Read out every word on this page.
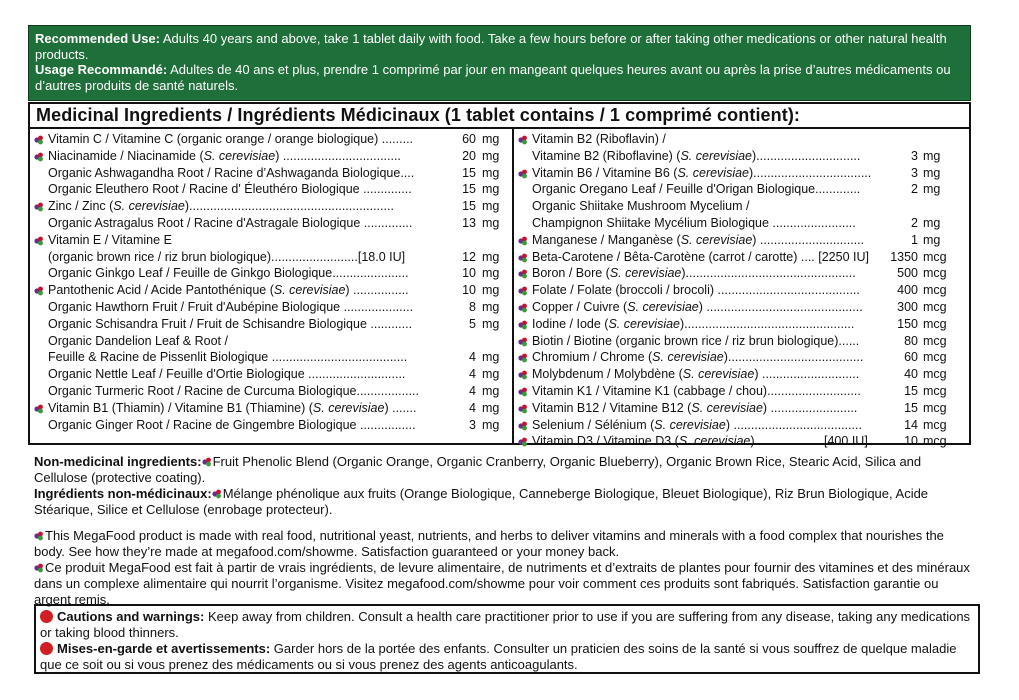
Recommended Use: Adults 40 years and above, take 1 tablet daily with food. Take a few hours before or after taking other medications or other natural health products.
Usage Recommandé: Adultes de 40 ans et plus, prendre 1 comprimé par jour en mangeant quelques heures avant ou après la prise d’autres médicaments ou d’autres produits de santé naturels.
Medicinal Ingredients / Ingrédients Médicinaux (1 tablet contains / 1 comprimé contient):
Vitamin C / Vitamine C (organic orange / orange biologique) .........	60 mg
Niacinamide / Niacinamide (S. cerevisiae) ..................................	20 mg
Organic Ashwagandha Root / Racine d’Ashwaganda Biologique....	15 mg
Organic Eleuthero Root / Racine d' Éleuthéro Biologique ..............	15 mg
Zinc / Zinc (S. cerevisiae)...........................................................	15 mg
Organic Astragalus Root / Racine d'Astragale Biologique ..............	13 mg
Vitamin E / Vitamine E
(organic brown rice / riz brun biologique).........................[18.0 IU]	12 mg
Organic Ginkgo Leaf / Feuille de Ginkgo Biologique......................	10 mg
Pantothenic Acid / Acide Pantothénique (S. cerevisiae) ................	10 mg
Organic Hawthorn Fruit / Fruit d'Aubépine Biologique ....................	8 mg
Organic Schisandra Fruit / Fruit de Schisandre Biologique ............	5 mg
Organic Dandelion Leaf & Root /
Feuille & Racine de Pissenlit Biologique .......................................	4 mg
Organic Nettle Leaf / Feuille d'Ortie Biologique ............................	4 mg
Organic Turmeric Root / Racine de Curcuma Biologique..................	4 mg
Vitamin B1 (Thiamin) / Vitamine B1 (Thiamine) (S. cerevisiae) .......	4 mg
Organic Ginger Root / Racine de Gingembre Biologique ................	3 mg
Vitamin B2 (Riboflavin) /
Vitamine B2 (Riboflavine) (S. cerevisiae)..............................	3 mg
Vitamin B6 / Vitamine B6 (S. cerevisiae)..................................	3 mg
Organic Oregano Leaf / Feuille d'Origan Biologique.............	2 mg
Organic Shiitake Mushroom Mycelium /
Champignon Shiitake Mycélium Biologique ........................	2 mg
Manganese / Manganèse (S. cerevisiae) ..............................	1 mg
Beta-Carotene / Bêta-Carotène (carrot / carotte) .... [2250 IU]	1350 mcg
Boron / Bore (S. cerevisiae).................................................	500 mcg
Folate / Folate (broccoli / brocoli) .........................................	400 mcg
Copper / Cuivre (S. cerevisiae) .............................................	300 mcg
Iodine / Iode (S. cerevisiae).................................................	150 mcg
Biotin / Biotine (organic brown rice / riz brun biologique)......	80 mcg
Chromium / Chrome (S. cerevisiae).......................................	60 mcg
Molybdenum / Molybdène (S. cerevisiae) ............................	40 mcg
Vitamin K1 / Vitamine K1 (cabbage / chou)...........................	15 mcg
Vitamin B12 / Vitamine B12 (S. cerevisiae) .........................	15 mcg
Selenium / Sélénium (S. cerevisiae) .....................................	14 mcg
Vitamin D3 / Vitamine D3 (S. cerevisiae) .................. [400 IU]	10 mcg
Non-medicinal ingredients: Fruit Phenolic Blend (Organic Orange, Organic Cranberry, Organic Blueberry), Organic Brown Rice, Stearic Acid, Silica and Cellulose (protective coating).
Ingrédients non-médicinaux: Mélange phénolique aux fruits (Orange Biologique, Canneberge Biologique, Bleuet Biologique), Riz Brun Biologique, Acide Stéarique, Silice et Cellulose (enrobage protecteur).
This MegaFood product is made with real food, nutritional yeast, nutrients, and herbs to deliver vitamins and minerals with a food complex that nourishes the body. See how they’re made at megafood.com/showme. Satisfaction guaranteed or your money back.
Ce produit MegaFood est fait à partir de vrais ingrédients, de levure alimentaire, de nutriments et d’extraits de plantes pour fournir des vitamines et des minéraux dans un complexe alimentaire qui nourrit l’organisme. Visitez megafood.com/showme pour voir comment ces produits sont fabriqués. Satisfaction garantie ou argent remis.
Cautions and warnings: Keep away from children. Consult a health care practitioner prior to use if you are suffering from any disease, taking any medications or taking blood thinners.
Mises-en-garde et avertissements: Garder hors de la portée des enfants. Consulter un praticien des soins de la santé si vous souffrez de quelque maladie que ce soit ou si vous prenez des médicaments ou si vous prenez des agents anticoagulants.
